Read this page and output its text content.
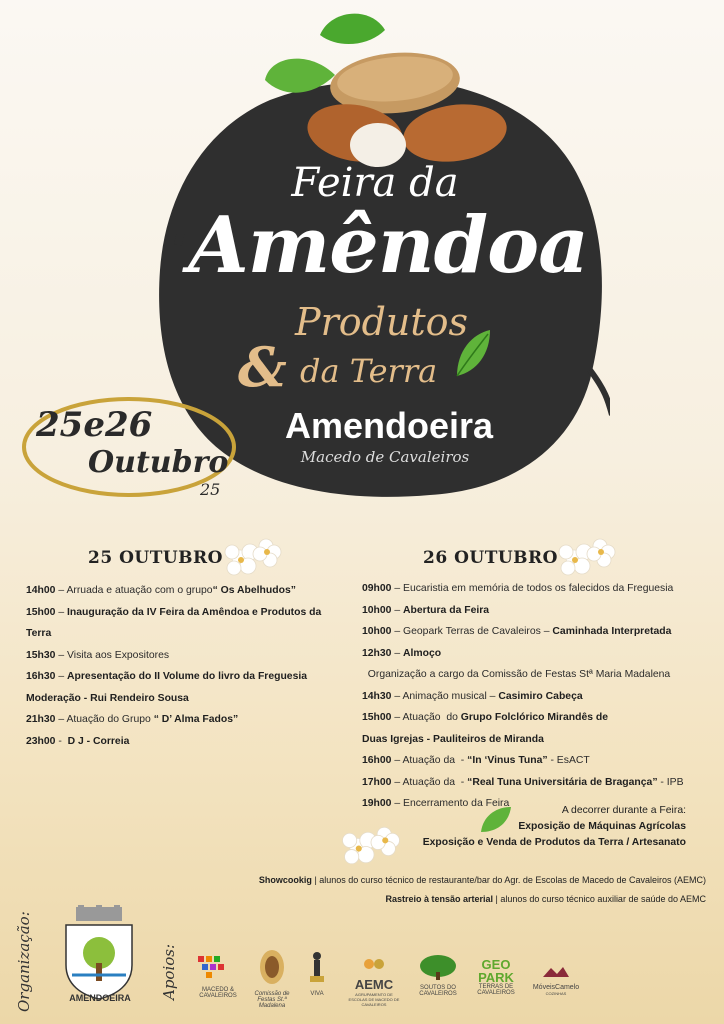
Feira da
Amêndoa
Produtos
& da Terra
Amendoeira
Macedo de Cavaleiros
25e26
Outubro
25
25 OUTUBRO	26 OUTUBRO
14h00 – Arruada e atuação com o grupo“ Os Abelhudos”
15h00 – Inauguração da IV Feira da Amêndoa e Produtos da
Terra
15h30 – Visita aos Expositores
16h30 – Apresentação do II Volume do livro da Freguesia
Moderação - Rui Rendeiro Sousa
21h30 – Atuação do Grupo “ D’ Alma Fados”
23h00 -  D J - Correia
09h00 – Eucaristia em memória de todos os falecidos da Freguesia
10h00 – Abertura da Feira
10h00 – Geopark Terras de Cavaleiros – Caminhada Interpretada
12h30 – Almoço
Organização a cargo da Comissão de Festas Stª Maria Madalena
14h30 – Animação musical – Casimiro Cabeça
15h00 – Atuação  do Grupo Folclórico Mirandês de
Duas Igrejas - Pauliteiros de Miranda
16h00 – Atuação da  - “In ‘Vinus Tuna” - EsACT
17h00 – Atuação da  - “Real Tuna Universitária de Bragança” - IPB
19h00 – Encerramento da Feira
A decorrer durante a Feira:
Exposição de Máquinas Agrícolas
Exposição e Venda de Produtos da Terra / Artesanato
Showcookig | alunos do curso técnico de restaurante/bar do Agr. de Escolas de Macedo de Cavaleiros (AEMC)
Rastreio à tensão arterial | alunos do curso técnico auxiliar de saúde do AEMC
Organização:	AMENDOEIRA	Apoios:	MACEDO & CAVALEIROS	Comissão de Festas St.ª Madalena
VIVA
AEMC
AGRUPAMENTO DE ESCOLAS DE MACEDO DE CAVALEIROS
SOUTOS DO CAVALEIROS
GEO PARK
TERRAS DE CAVALEIROS
MóveisCamelo
COZINHAS
